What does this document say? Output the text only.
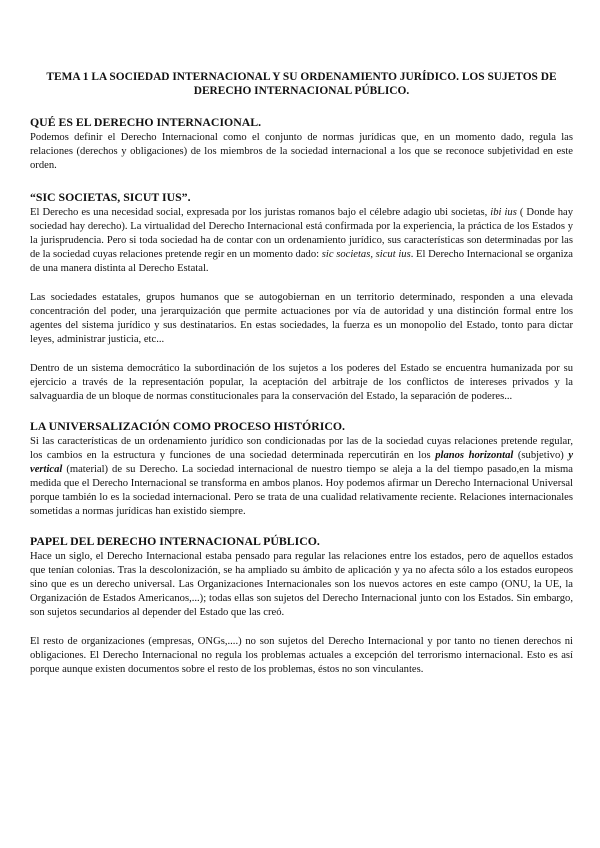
TEMA 1 LA SOCIEDAD INTERNACIONAL Y SU ORDENAMIENTO JURÍDICO. LOS SUJETOS DE DERECHO INTERNACIONAL PÚBLICO.
QUÉ ES EL DERECHO INTERNACIONAL.

Podemos definir el Derecho Internacional como el conjunto de normas jurídicas que, en un momento dado, regula las relaciones (derechos y obligaciones) de los miembros de la sociedad internacional a los que se reconoce subjetividad en este orden.

“SIC SOCIETAS, SICUT IUS”.

El Derecho es una necesidad social, expresada por los juristas romanos bajo el célebre adagio ubi societas, ibi ius ( Donde hay sociedad hay derecho). La virtualidad del Derecho Internacional está confirmada por la experiencia, la práctica de los Estados y la jurisprudencia. Pero si toda sociedad ha de contar con un ordenamiento jurídico, sus características son determinadas por las de la sociedad cuyas relaciones pretende regir en un momento dado: sic societas, sicut ius. El Derecho Internacional se organiza de una manera distinta al Derecho Estatal.

Las sociedades estatales, grupos humanos que se autogobiernan en un territorio determinado, responden a una elevada concentración del poder, una jerarquización que permite actuaciones por vía de autoridad y una distinción formal entre los agentes del sistema jurídico y sus destinatarios. En estas sociedades, la fuerza es un monopolio del Estado, tonto para dictar leyes, administrar justicia, etc...

Dentro de un sistema democrático la subordinación de los sujetos a los poderes del Estado se encuentra humanizada por su ejercicio a través de la representación popular, la aceptación del arbitraje de los conflictos de intereses privados y la salvaguardia de un bloque de normas constitucionales para la conservación del Estado, la separación de poderes...

LA UNIVERSALIZACIÓN COMO PROCESO HISTÓRICO.

Si las características de un ordenamiento jurídico son condicionadas por las de la sociedad cuyas relaciones pretende regular, los cambios en la estructura y funciones de una sociedad determinada repercutirán en los planos horizontal (subjetivo) y vertical (material) de su Derecho. La sociedad internacional de nuestro tiempo se aleja a la del tiempo pasado,en la misma medida que el Derecho Internacional se transforma en ambos planos. Hoy podemos afirmar un Derecho Internacional Universal porque también lo es la sociedad internacional. Pero se trata de una cualidad relativamente reciente. Relaciones internacionales sometidas a normas jurídicas han existido siempre.

PAPEL DEL DERECHO INTERNACIONAL PÚBLICO.

Hace un siglo, el Derecho Internacional estaba pensado para regular las relaciones entre los estados, pero de aquellos estados que tenían colonias. Tras la descolonización, se ha ampliado su ámbito de aplicación y ya no afecta sólo a los estados europeos sino que es un derecho universal. Las Organizaciones Internacionales son los nuevos actores en este campo (ONU, la UE, la Organización de Estados Americanos,...); todas ellas son sujetos del Derecho Internacional junto con los Estados. Sin embargo, son sujetos secundarios al depender del Estado que las creó.

El resto de organizaciones (empresas, ONGs,....) no son sujetos del Derecho Internacional y por tanto no tienen derechos ni obligaciones. El Derecho Internacional no regula los problemas actuales a excepción del terrorismo internacional. Esto es así porque aunque existen documentos sobre el resto de los problemas, éstos no son vinculantes.
